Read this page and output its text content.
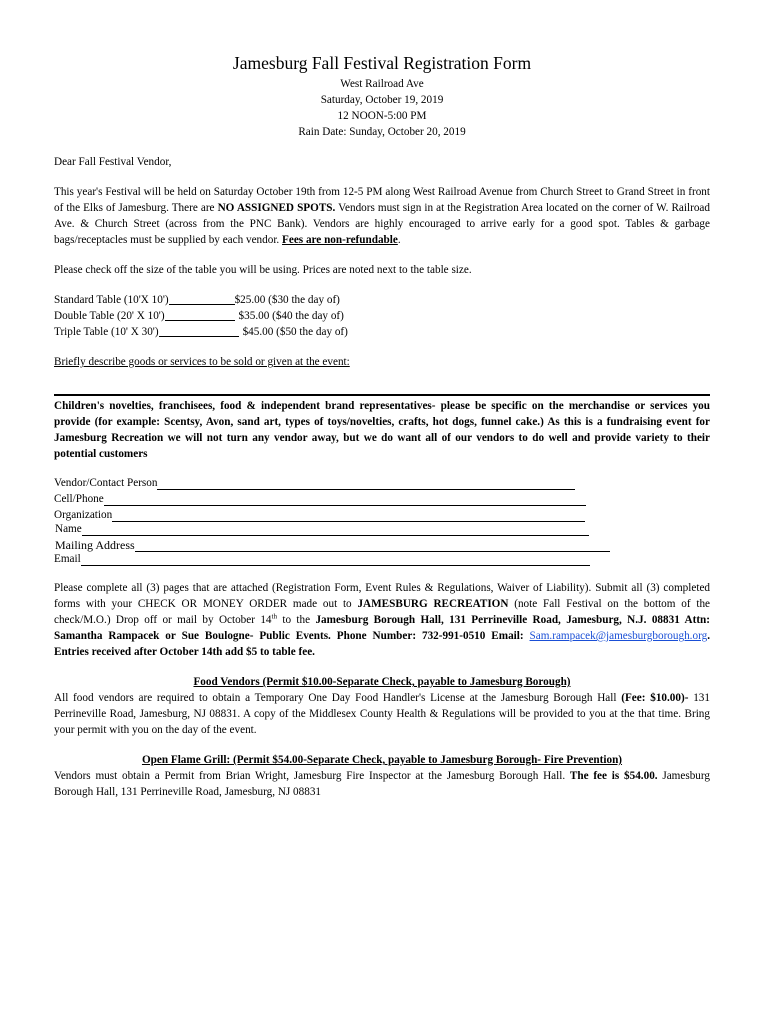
Jamesburg Fall Festival Registration Form

West Railroad Ave

Saturday, October 19, 2019

12 NOON-5:00 PM

Rain Date: Sunday, October 20, 2019

Dear Fall Festival Vendor,

This year's Festival will be held on Saturday October 19th from 12-5 PM along West Railroad Avenue from Church Street to Grand Street in front of the Elks of Jamesburg. There are NO ASSIGNED SPOTS. Vendors must sign in at the Registration Area located on the corner of W. Railroad Ave. & Church Street (across from the PNC Bank). Vendors are highly encouraged to arrive early for a good spot. Tables & garbage bags/receptacles must be supplied by each vendor. Fees are non-refundable.

Please check off the size of the table you will be using. Prices are noted next to the table size.

Standard Table (10'X 10')	$25.00 ($30 the day of)
Double Table (20' X 10')	$35.00 ($40 the day of)
Triple Table (10' X 30')	$45.00 ($50 the day of)

Briefly describe goods or services to be sold or given at the event:

Children's novelties, franchisees, food & independent brand representatives- please be specific on the merchandise or services you provide (for example: Scentsy, Avon, sand art, types of toys/novelties, crafts, hot dogs, funnel cake.) As this is a fundraising event for Jamesburg Recreation we will not turn any vendor away, but we do want all of our vendors to do well and provide variety to their potential customers

Vendor/Contact Person
Cell/Phone
Organization
Name
Mailing Address
Email

Please complete all (3) pages that are attached (Registration Form, Event Rules & Regulations, Waiver of Liability). Submit all (3) completed forms with your CHECK OR MONEY ORDER made out to JAMESBURG RECREATION (note Fall Festival on the bottom of the check/M.O.) Drop off or mail by October 14th to the Jamesburg Borough Hall, 131 Perrineville Road, Jamesburg, N.J. 08831 Attn: Samantha Rampacek or Sue Boulogne- Public Events. Phone Number: 732-991-0510 Email: Sam.rampacek@jamesburgborough.org. Entries received after October 14th add $5 to table fee.

Food Vendors (Permit $10.00-Separate Check, payable to Jamesburg Borough)

All food vendors are required to obtain a Temporary One Day Food Handler's License at the Jamesburg Borough Hall (Fee: $10.00)- 131 Perrineville Road, Jamesburg, NJ 08831. A copy of the Middlesex County Health & Regulations will be provided to you at the that time. Bring your permit with you on the day of the event.

Open Flame Grill: (Permit $54.00-Separate Check, payable to Jamesburg Borough- Fire Prevention)

Vendors must obtain a Permit from Brian Wright, Jamesburg Fire Inspector at the Jamesburg Borough Hall. The fee is $54.00. Jamesburg Borough Hall, 131 Perrineville Road, Jamesburg, NJ 08831
